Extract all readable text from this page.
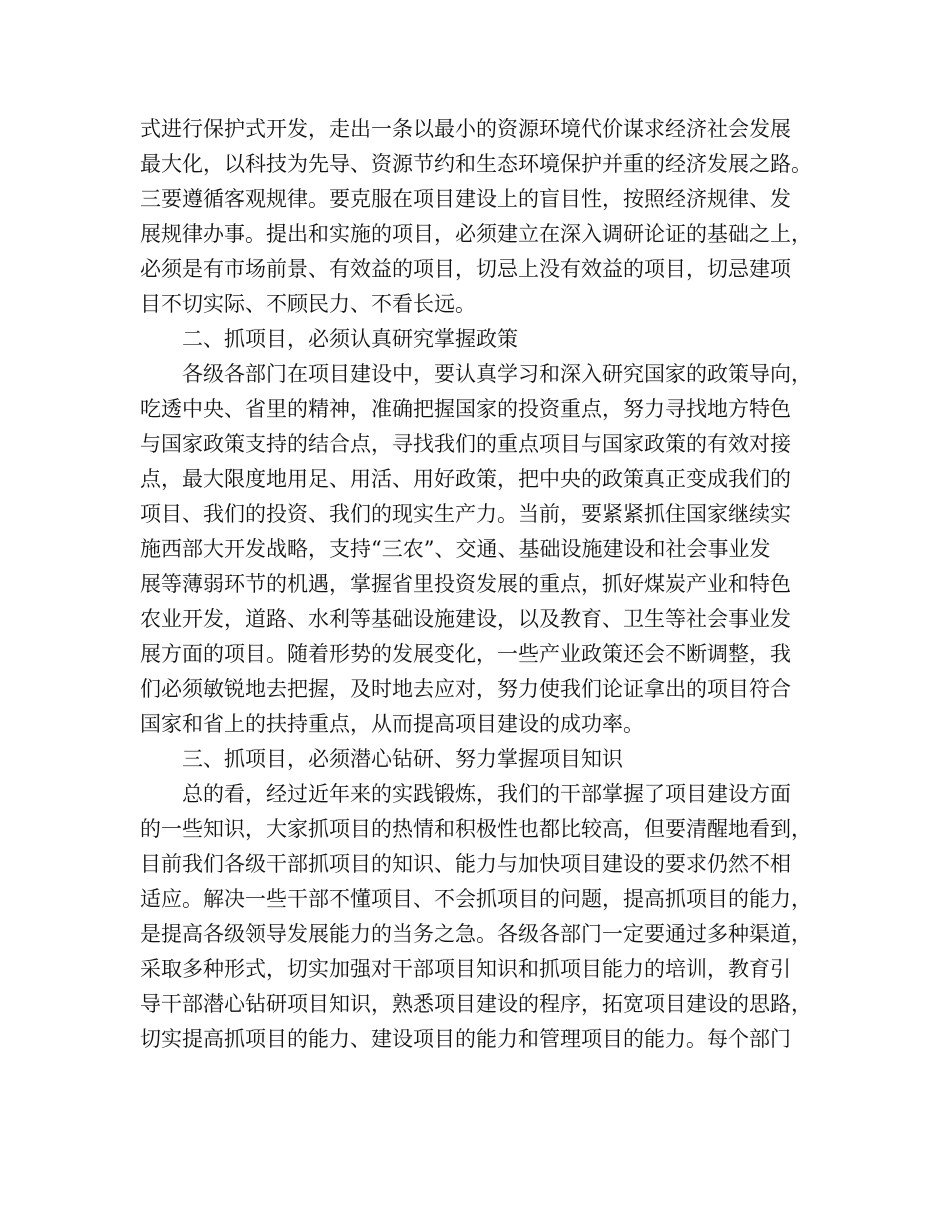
式进行保护式开发，走出一条以最小的资源环境代价谋求经济社会发展
最大化，以科技为先导、资源节约和生态环境保护并重的经济发展之路。
三要遵循客观规律。要克服在项目建设上的盲目性，按照经济规律、发
展规律办事。提出和实施的项目，必须建立在深入调研论证的基础之上，
必须是有市场前景、有效益的项目，切忌上没有效益的项目，切忌建项
目不切实际、不顾民力、不看长远。
　　二、抓项目，必须认真研究掌握政策
　　各级各部门在项目建设中，要认真学习和深入研究国家的政策导向，
吃透中央、省里的精神，准确把握国家的投资重点，努力寻找地方特色
与国家政策支持的结合点，寻找我们的重点项目与国家政策的有效对接
点，最大限度地用足、用活、用好政策，把中央的政策真正变成我们的
项目、我们的投资、我们的现实生产力。当前，要紧紧抓住国家继续实
施西部大开发战略，支持“三农”、交通、基础设施建设和社会事业发
展等薄弱环节的机遇，掌握省里投资发展的重点，抓好煤炭产业和特色
农业开发，道路、水利等基础设施建设，以及教育、卫生等社会事业发
展方面的项目。随着形势的发展变化，一些产业政策还会不断调整，我
们必须敏锐地去把握，及时地去应对，努力使我们论证拿出的项目符合
国家和省上的扶持重点，从而提高项目建设的成功率。
　　三、抓项目，必须潜心钻研、努力掌握项目知识
　　总的看，经过近年来的实践锻炼，我们的干部掌握了项目建设方面
的一些知识，大家抓项目的热情和积极性也都比较高，但要清醒地看到，
目前我们各级干部抓项目的知识、能力与加快项目建设的要求仍然不相
适应。解决一些干部不懂项目、不会抓项目的问题，提高抓项目的能力，
是提高各级领导发展能力的当务之急。各级各部门一定要通过多种渠道，
采取多种形式，切实加强对干部项目知识和抓项目能力的培训，教育引
导干部潜心钻研项目知识，熟悉项目建设的程序，拓宽项目建设的思路，
切实提高抓项目的能力、建设项目的能力和管理项目的能力。每个部门
